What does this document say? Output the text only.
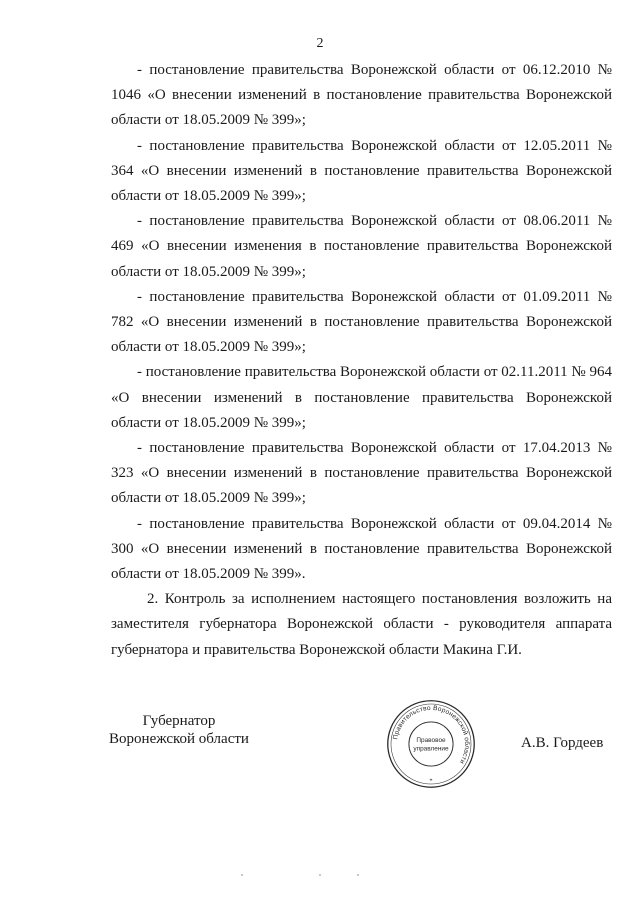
2

- постановление правительства Воронежской области от 06.12.2010 № 1046 «О внесении изменений в постановление правительства Воронежской области от 18.05.2009 № 399»;

- постановление правительства Воронежской области от 12.05.2011 № 364 «О внесении изменений в постановление правительства Воронежской области от 18.05.2009 № 399»;

- постановление правительства Воронежской области от 08.06.2011 № 469 «О внесении изменения в постановление правительства Воронежской области от 18.05.2009 № 399»;

- постановление правительства Воронежской области от 01.09.2011 № 782 «О внесении изменений в постановление правительства Воронежской области от 18.05.2009 № 399»;

- постановление правительства Воронежской области от 02.11.2011 № 964 «О внесении изменений в постановление правительства Воронежской области от 18.05.2009 № 399»;

- постановление правительства Воронежской области от 17.04.2013 № 323 «О внесении изменений в постановление правительства Воронежской области от 18.05.2009 № 399»;

- постановление правительства Воронежской области от 09.04.2014 № 300 «О внесении изменений в постановление правительства Воронежской области от 18.05.2009 № 399».

2. Контроль за исполнением настоящего постановления возложить на заместителя губернатора Воронежской области - руководителя аппарата губернатора и правительства Воронежской области Макина Г.И.

Губернатор
Воронежской области	Правительство Воронежской области
Правовое
управление
*
А.В. Гордеев
